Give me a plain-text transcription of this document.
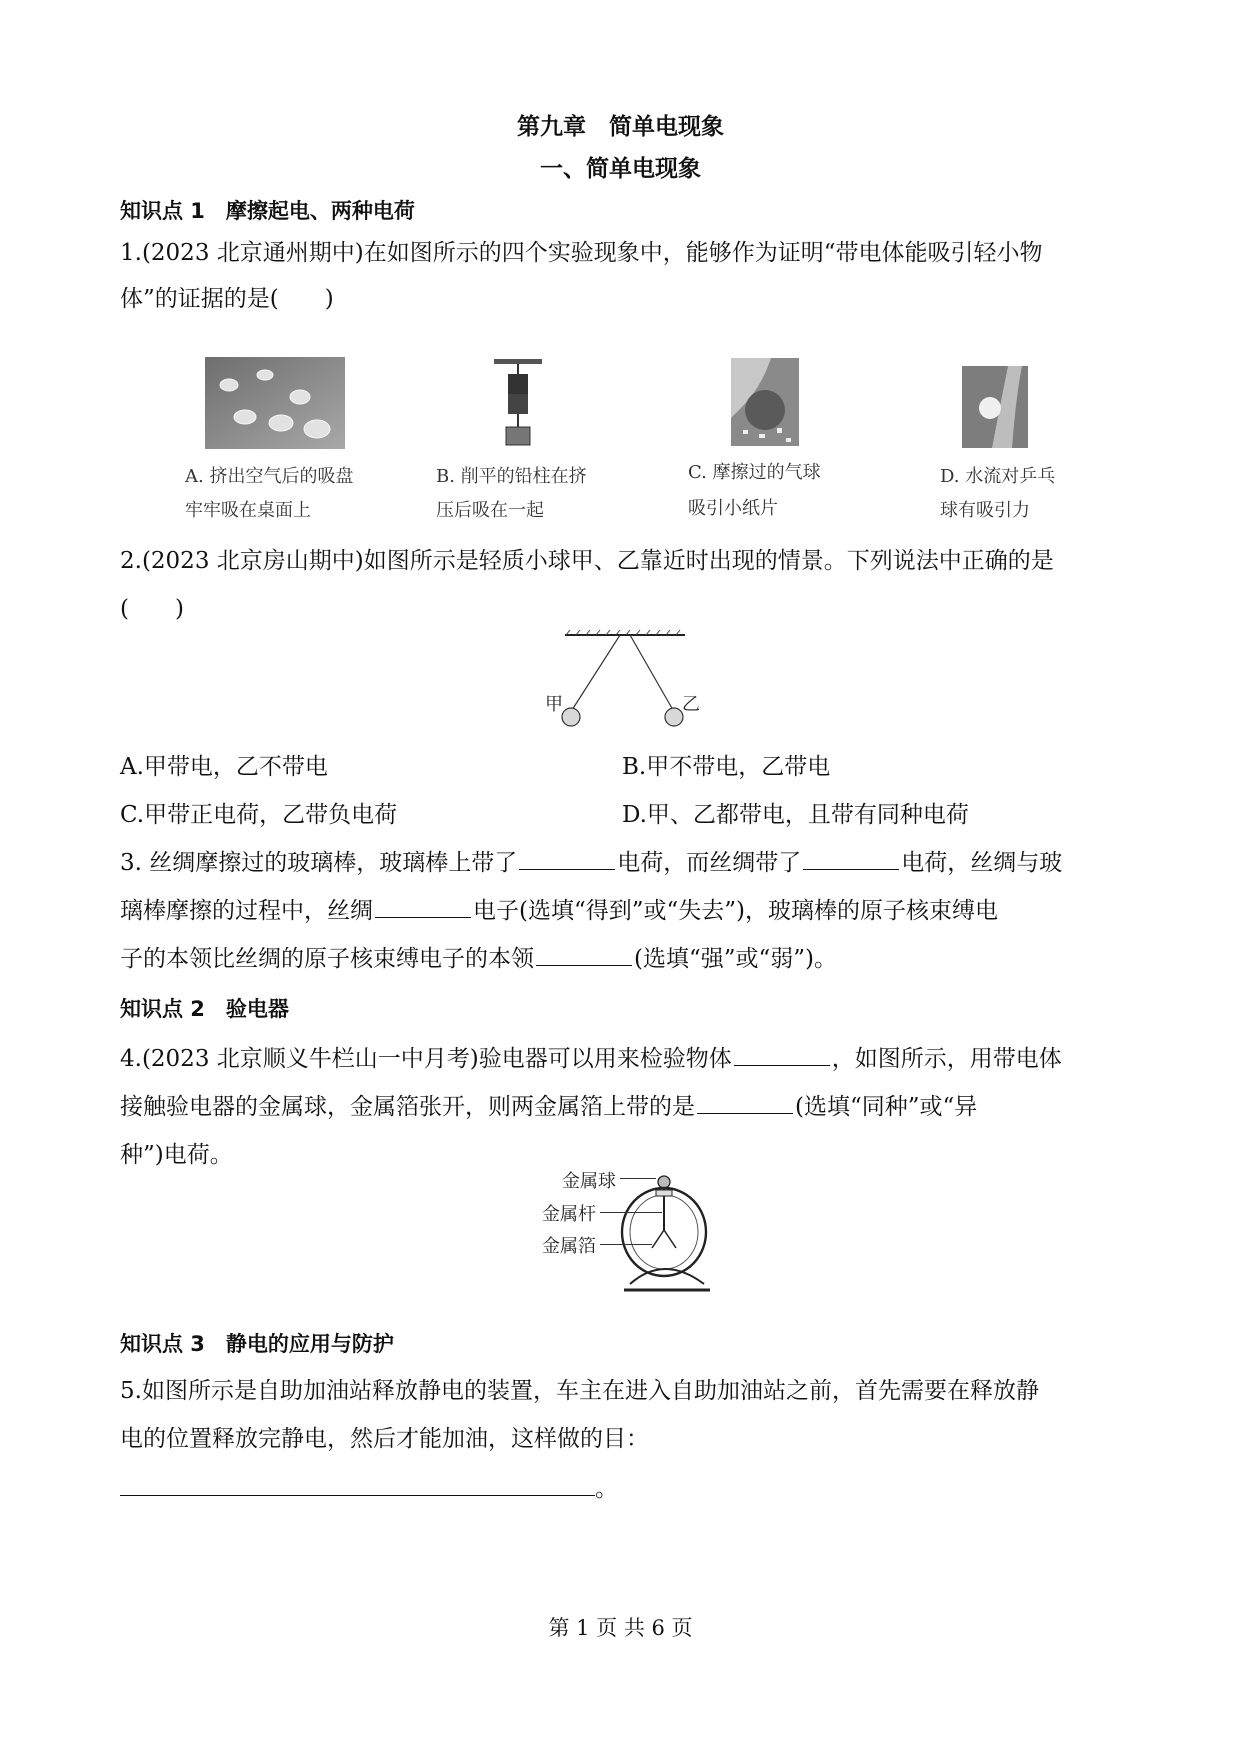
第九章　简单电现象
一、简单电现象
知识点 1　摩擦起电、两种电荷
1.(2023 北京通州期中)在如图所示的四个实验现象中，能够作为证明“带电体能吸引轻小物
体”的证据的是(　　)
A. 挤出空气后的吸盘
牢牢吸在桌面上
B. 削平的铅柱在挤
压后吸在一起
C. 摩擦过的气球
吸引小纸片
D. 水流对乒乓
球有吸引力
2.(2023 北京房山期中)如图所示是轻质小球甲、乙靠近时出现的情景。下列说法中正确的是
(　　)
甲	乙
A.甲带电，乙不带电	B.甲不带电，乙带电
C.甲带正电荷，乙带负电荷	D.甲、乙都带电，且带有同种电荷
3. 丝绸摩擦过的玻璃棒，玻璃棒上带了	电荷，而丝绸带了	电荷，丝绸与玻
璃棒摩擦的过程中，丝绸	电子(选填“得到”或“失去”)，玻璃棒的原子核束缚电
子的本领比丝绸的原子核束缚电子的本领	(选填“强”或“弱”)。
知识点 2　验电器
4.(2023 北京顺义牛栏山一中月考)验电器可以用来检验物体	，如图所示，用带电体
接触验电器的金属球，金属箔张开，则两金属箔上带的是	(选填“同种”或“异
种”)电荷。
金属球
金属杆
金属箔
知识点 3　静电的应用与防护
5.如图所示是自助加油站释放静电的装置，车主在进入自助加油站之前，首先需要在释放静
电的位置释放完静电，然后才能加油，这样做的目：
。
第 1 页 共 6 页
